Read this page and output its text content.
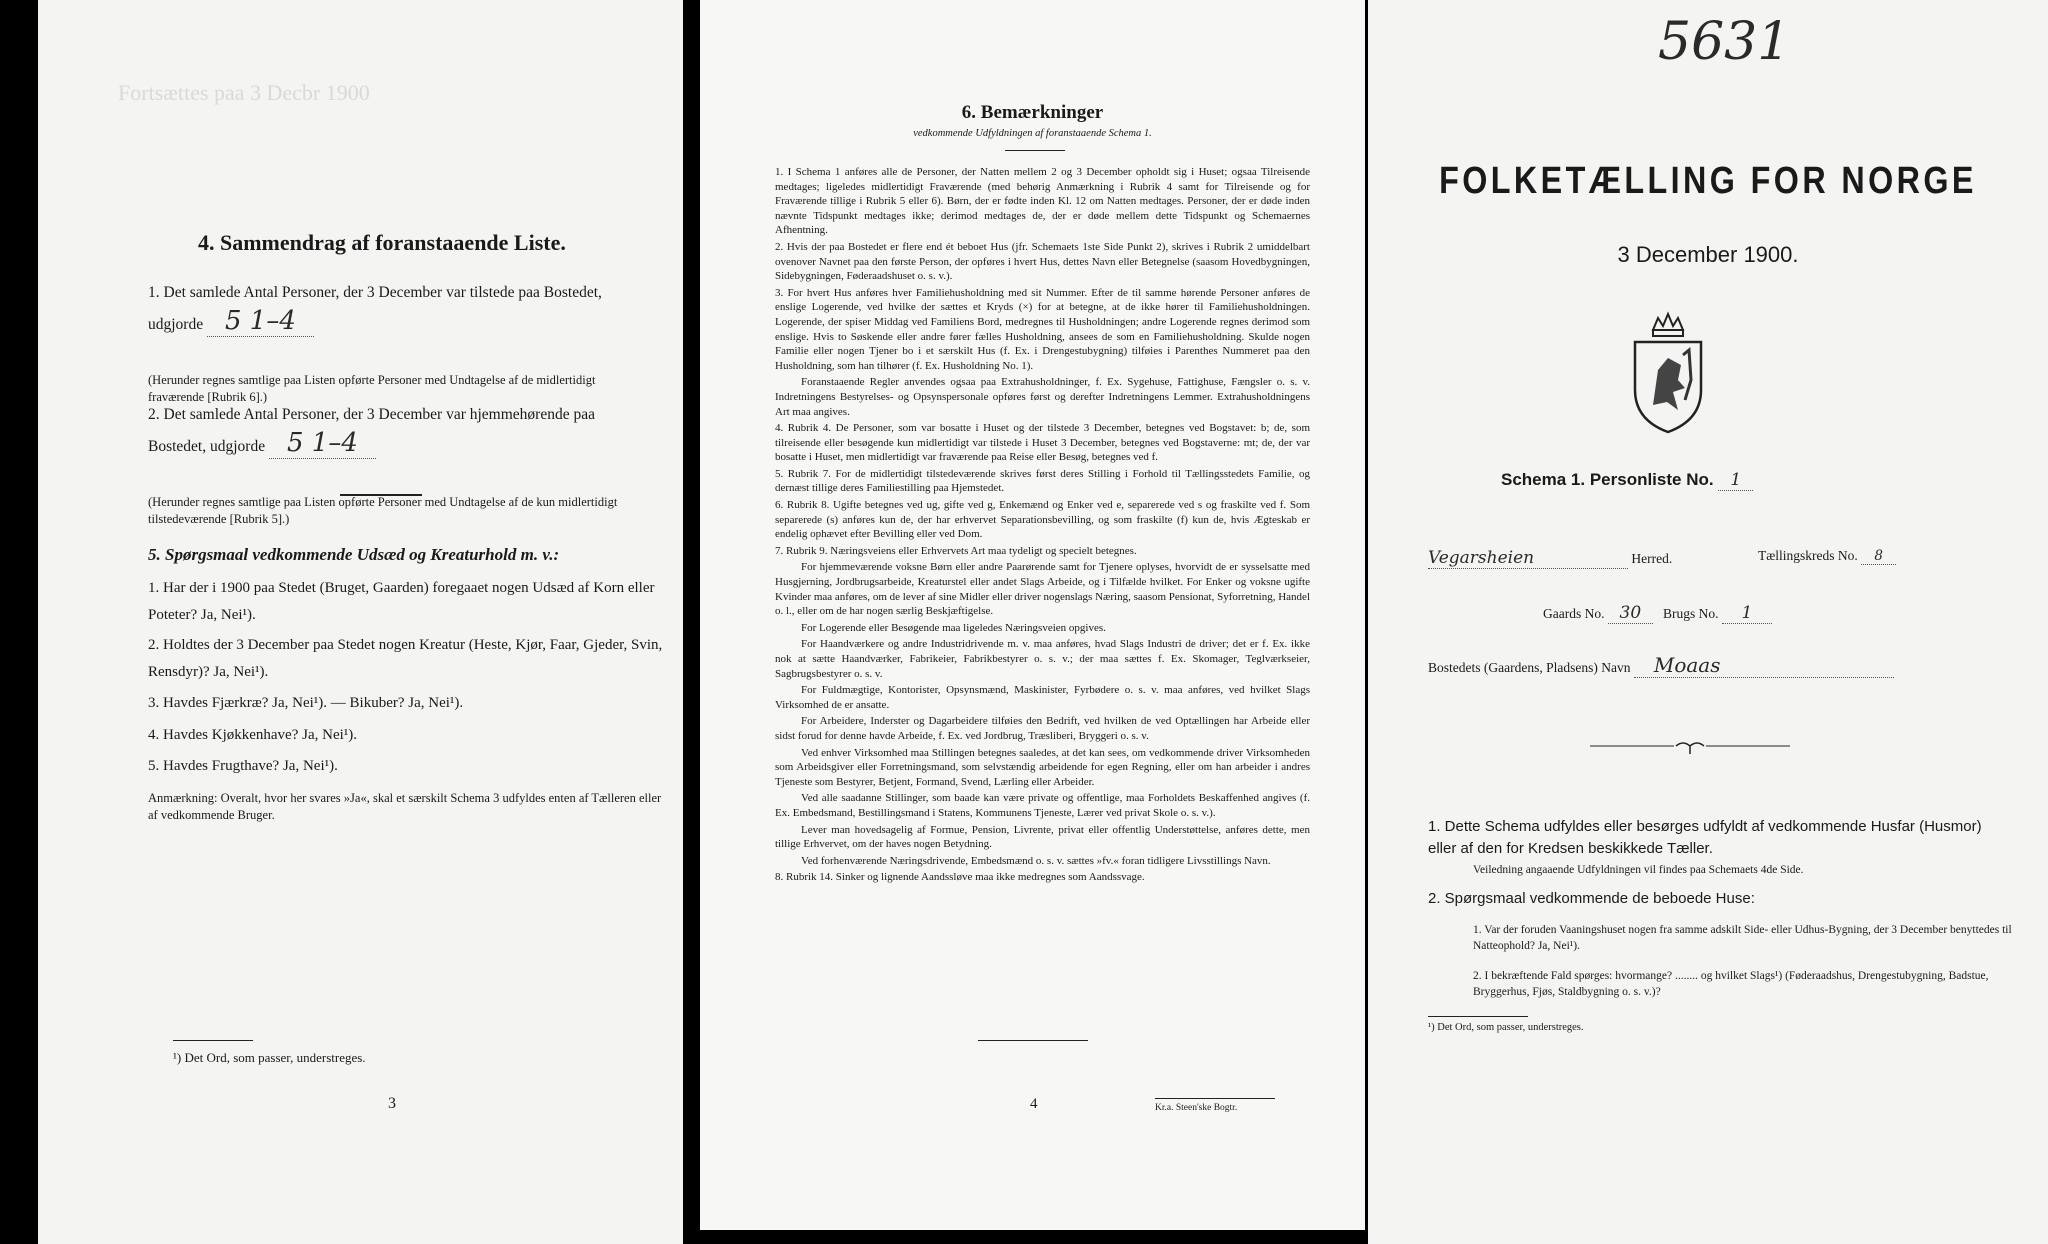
Fortsættes paa 3 Decbr 1900
4. Sammendrag af foranstaaende Liste.
1. Det samlede Antal Personer, der 3 December var tilstede paa Bostedet, udgjorde 5 1–4
(Herunder regnes samtlige paa Listen opførte Personer med Undtagelse af de midlertidigt fraværende [Rubrik 6].)
2. Det samlede Antal Personer, der 3 December var hjemmehørende paa Bostedet, udgjorde 5 1–4
(Herunder regnes samtlige paa Listen opførte Personer med Undtagelse af de kun midlertidigt tilstedeværende [Rubrik 5].)
5. Spørgsmaal vedkommende Udsæd og Kreaturhold m. v.:
1. Har der i 1900 paa Stedet (Bruget, Gaarden) foregaaet nogen Udsæd af Korn eller Poteter? Ja, Nei¹).
2. Holdtes der 3 December paa Stedet nogen Kreatur (Heste, Kjør, Faar, Gjeder, Svin, Rensdyr)? Ja, Nei¹).
3. Havdes Fjærkræ? Ja, Nei¹). — Bikuber? Ja, Nei¹).
4. Havdes Kjøkkenhave? Ja, Nei¹).
5. Havdes Frugthave? Ja, Nei¹).
Anmærkning: Overalt, hvor her svares »Ja«, skal et særskilt Schema 3 udfyldes enten af Tælleren eller af vedkommende Bruger.
¹) Det Ord, som passer, understreges.
3
6. Bemærkninger
vedkommende Udfyldningen af foranstaaende Schema 1.

1. I Schema 1 anføres alle de Personer, der Natten mellem 2 og 3 December opholdt sig i Huset; ogsaa Tilreisende medtages; ligeledes midlertidigt Fraværende (med behørig Anmærkning i Rubrik 4 samt for Tilreisende og for Fraværende tillige i Rubrik 5 eller 6). Børn, der er fødte inden Kl. 12 om Natten medtages. Personer, der er døde inden nævnte Tidspunkt medtages ikke; derimod medtages de, der er døde mellem dette Tidspunkt og Schemaernes Afhentning.

2. Hvis der paa Bostedet er flere end ét beboet Hus (jfr. Schemaets 1ste Side Punkt 2), skrives i Rubrik 2 umiddelbart ovenover Navnet paa den første Person, der opføres i hvert Hus, dettes Navn eller Betegnelse (saasom Hovedbygningen, Sidebygningen, Føderaadshuset o. s. v.).

3. For hvert Hus anføres hver Familiehusholdning med sit Nummer. Efter de til samme hørende Personer anføres de enslige Logerende, ved hvilke der sættes et Kryds (×) for at betegne, at de ikke hører til Familiehusholdningen. Logerende, der spiser Middag ved Familiens Bord, medregnes til Husholdningen; andre Logerende regnes derimod som enslige. Hvis to Søskende eller andre fører fælles Husholdning, ansees de som en Familiehusholdning. Skulde nogen Familie eller nogen Tjener bo i et særskilt Hus (f. Ex. i Drengestubygning) tilføies i Parenthes Nummeret paa den Husholdning, som han tilhører (f. Ex. Husholdning No. 1).

Foranstaaende Regler anvendes ogsaa paa Extrahusholdninger, f. Ex. Sygehuse, Fattighuse, Fængsler o. s. v. Indretningens Bestyrelses- og Opsynspersonale opføres først og derefter Indretningens Lemmer. Extrahusholdningens Art maa angives.

4. Rubrik 4. De Personer, som var bosatte i Huset og der tilstede 3 December, betegnes ved Bogstavet: b; de, som tilreisende eller besøgende kun midlertidigt var tilstede i Huset 3 December, betegnes ved Bogstaverne: mt; de, der var bosatte i Huset, men midlertidigt var fraværende paa Reise eller Besøg, betegnes ved f.

5. Rubrik 7. For de midlertidigt tilstedeværende skrives først deres Stilling i Forhold til Tællingsstedets Familie, og dernæst tillige deres Familiestilling paa Hjemstedet.

6. Rubrik 8. Ugifte betegnes ved ug, gifte ved g, Enkemænd og Enker ved e, separerede ved s og fraskilte ved f. Som separerede (s) anføres kun de, der har erhvervet Separationsbevilling, og som fraskilte (f) kun de, hvis Ægteskab er endelig ophævet efter Bevilling eller ved Dom.

7. Rubrik 9. Næringsveiens eller Erhvervets Art maa tydeligt og specielt betegnes.

For hjemmeværende voksne Børn eller andre Paarørende samt for Tjenere oplyses, hvorvidt de er sysselsatte med Husgjerning, Jordbrugsarbeide, Kreaturstel eller andet Slags Arbeide, og i Tilfælde hvilket. For Enker og voksne ugifte Kvinder maa anføres, om de lever af sine Midler eller driver nogenslags Næring, saasom Pensionat, Syforretning, Handel o. l., eller om de har nogen særlig Beskjæftigelse.

For Logerende eller Besøgende maa ligeledes Næringsveien opgives.

For Haandværkere og andre Industridrivende m. v. maa anføres, hvad Slags Industri de driver; det er f. Ex. ikke nok at sætte Haandværker, Fabrikeier, Fabrikbestyrer o. s. v.; der maa sættes f. Ex. Skomager, Teglværkseier, Sagbrugsbestyrer o. s. v.

For Fuldmægtige, Kontorister, Opsynsmænd, Maskinister, Fyrbødere o. s. v. maa anføres, ved hvilket Slags Virksomhed de er ansatte.

For Arbeidere, Inderster og Dagarbeidere tilføies den Bedrift, ved hvilken de ved Optællingen har Arbeide eller sidst forud for denne havde Arbeide, f. Ex. ved Jordbrug, Træsliberi, Bryggeri o. s. v.

Ved enhver Virksomhed maa Stillingen betegnes saaledes, at det kan sees, om vedkommende driver Virksomheden som Arbeidsgiver eller Forretningsmand, som selvstændig arbeidende for egen Regning, eller om han arbeider i andres Tjeneste som Bestyrer, Betjent, Formand, Svend, Lærling eller Arbeider.

Ved alle saadanne Stillinger, som baade kan være private og offentlige, maa Forholdets Beskaffenhed angives (f. Ex. Embedsmand, Bestillingsmand i Statens, Kommunens Tjeneste, Lærer ved privat Skole o. s. v.).

Lever man hovedsagelig af Formue, Pension, Livrente, privat eller offentlig Understøttelse, anføres dette, men tillige Erhvervet, om der haves nogen Betydning.

Ved forhenværende Næringsdrivende, Embedsmænd o. s. v. sættes »fv.« foran tidligere Livsstillings Navn.

8. Rubrik 14. Sinker og lignende Aandssløve maa ikke medregnes som Aandssvage.

4	Kr.a. Steen'ske Bogtr.
5631
FOLKETÆLLING FOR NORGE
3 December 1900.
Schema 1. Personliste No. 1
Vegarsheien	Herred.	Tællingskreds No. 8
Gaards No. 30 Brugs No. 1
Bostedets (Gaardens, Pladsens) Navn Moaas
1. Dette Schema udfyldes eller besørges udfyldt af vedkommende Husfar (Husmor) eller af den for Kredsen beskikkede Tæller.
Veiledning angaaende Udfyldningen vil findes paa Schemaets 4de Side.
2. Spørgsmaal vedkommende de beboede Huse:
1. Var der foruden Vaaningshuset nogen fra samme adskilt Side- eller Udhus-Bygning, der 3 December benyttedes til Natteophold? Ja, Nei¹).
2. I bekræftende Fald spørges: hvormange? ........ og hvilket Slags¹) (Føderaadshus, Drengestubygning, Badstue, Bryggerhus, Fjøs, Staldbygning o. s. v.)?
¹) Det Ord, som passer, understreges.
